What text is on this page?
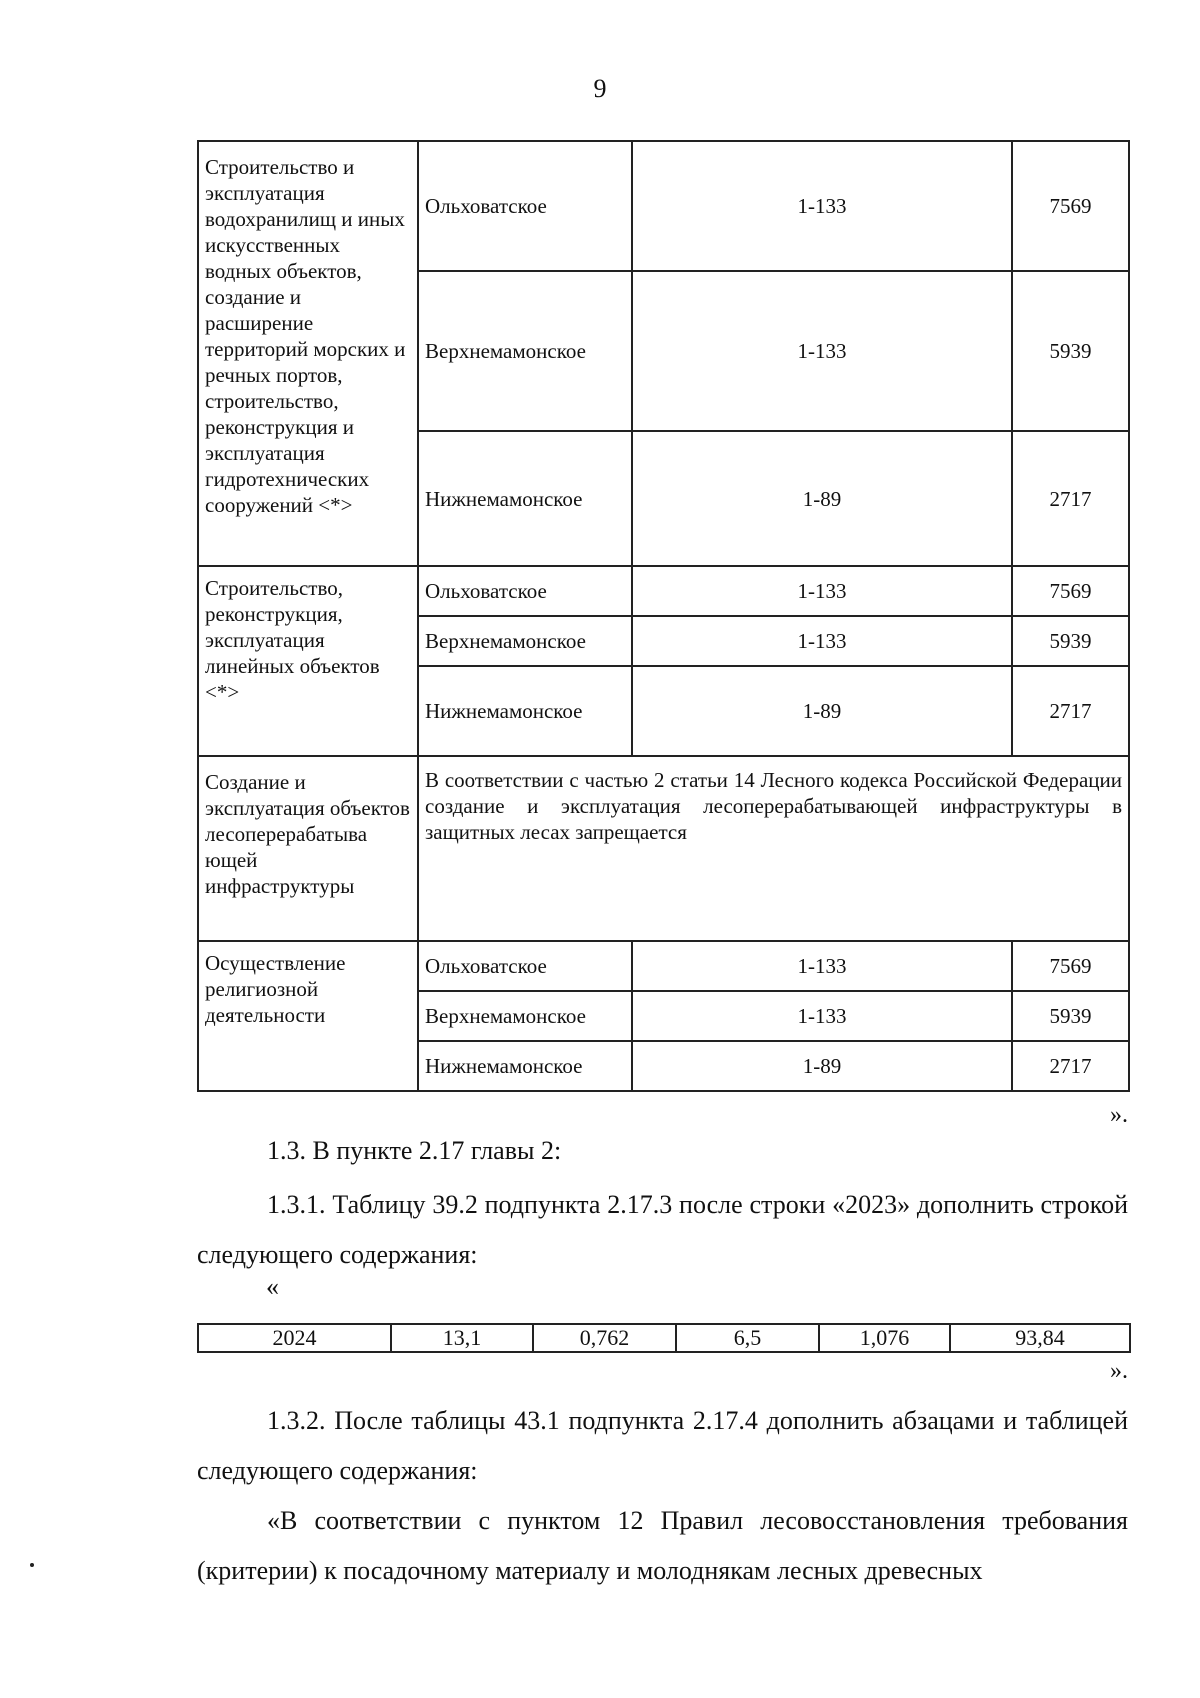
9
Строительство и эксплуатация водохранилищ и иных искусственных водных объектов, создание и расширение территорий морских и речных портов, строительство, реконструкция и эксплуатация гидротехнических сооружений <*>	Ольховатское	1-133	7569
	Верхнемамонское	1-133	5939
	Нижнемамонское	1-89	2717
Строительство, реконструкция, эксплуатация линейных объектов <*>	Ольховатское	1-133	7569
	Верхнемамонское	1-133	5939
	Нижнемамонское	1-89	2717
Создание и эксплуатация объектов лесоперерабатыва ющей инфраструктуры	В соответствии с частью 2 статьи 14 Лесного кодекса Российской Федерации создание и эксплуатация лесоперерабатывающей инфраструктуры в защитных лесах запрещается		
Осуществление религиозной деятельности	Ольховатское	1-133	7569
	Верхнемамонское	1-133	5939
	Нижнемамонское	1-89	2717
».
1.3. В пункте 2.17 главы 2:
1.3.1. Таблицу 39.2 подпункта 2.17.3 после строки «2023» дополнить строкой следующего содержания:
«
2024	13,1	0,762	6,5	1,076	93,84
».
1.3.2. После таблицы 43.1 подпункта 2.17.4 дополнить абзацами и таблицей следующего содержания:
«В соответствии с пунктом 12 Правил лесовосстановления требования (критерии) к посадочному материалу и молоднякам лесных древесных
